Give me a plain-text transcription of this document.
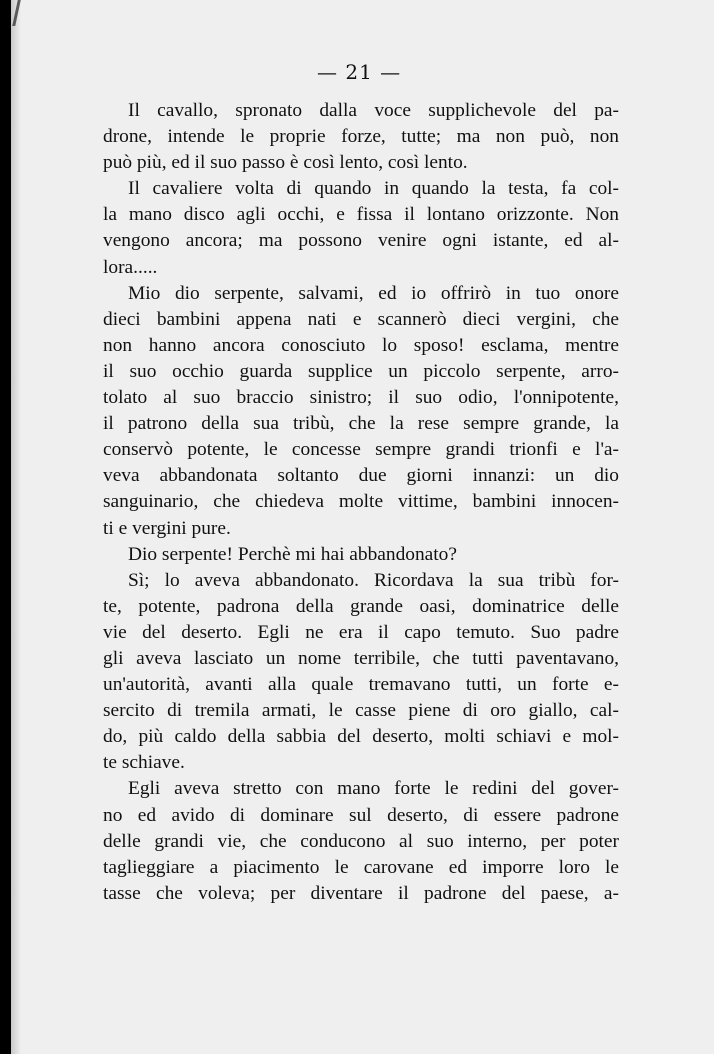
— 21 —
Il cavallo, spronato dalla voce supplichevole del pa-
drone, intende le proprie forze, tutte; ma non può, non
può più, ed il suo passo è così lento, così lento.
Il cavaliere volta di quando in quando la testa, fa col-
la mano disco agli occhi, e fissa il lontano orizzonte. Non
vengono ancora; ma possono venire ogni istante, ed al-
lora.....
Mio dio serpente, salvami, ed io offrirò in tuo onore
dieci bambini appena nati e scannerò dieci vergini, che
non hanno ancora conosciuto lo sposo! esclama, mentre
il suo occhio guarda supplice un piccolo serpente, arro-
tolato al suo braccio sinistro; il suo odio, l'onnipotente,
il patrono della sua tribù, che la rese sempre grande, la
conservò potente, le concesse sempre grandi trionfi e l'a-
veva abbandonata soltanto due giorni innanzi: un dio
sanguinario, che chiedeva molte vittime, bambini innocen-
ti e vergini pure.
Dio serpente! Perchè mi hai abbandonato?
Sì; lo aveva abbandonato. Ricordava la sua tribù for-
te, potente, padrona della grande oasi, dominatrice delle
vie del deserto. Egli ne era il capo temuto. Suo padre
gli aveva lasciato un nome terribile, che tutti paventavano,
un'autorità, avanti alla quale tremavano tutti, un forte e-
sercito di tremila armati, le casse piene di oro giallo, cal-
do, più caldo della sabbia del deserto, molti schiavi e mol-
te schiave.
Egli aveva stretto con mano forte le redini del gover-
no ed avido di dominare sul deserto, di essere padrone
delle grandi vie, che conducono al suo interno, per poter
taglieggiare a piacimento le carovane ed imporre loro le
tasse che voleva; per diventare il padrone del paese, a-
